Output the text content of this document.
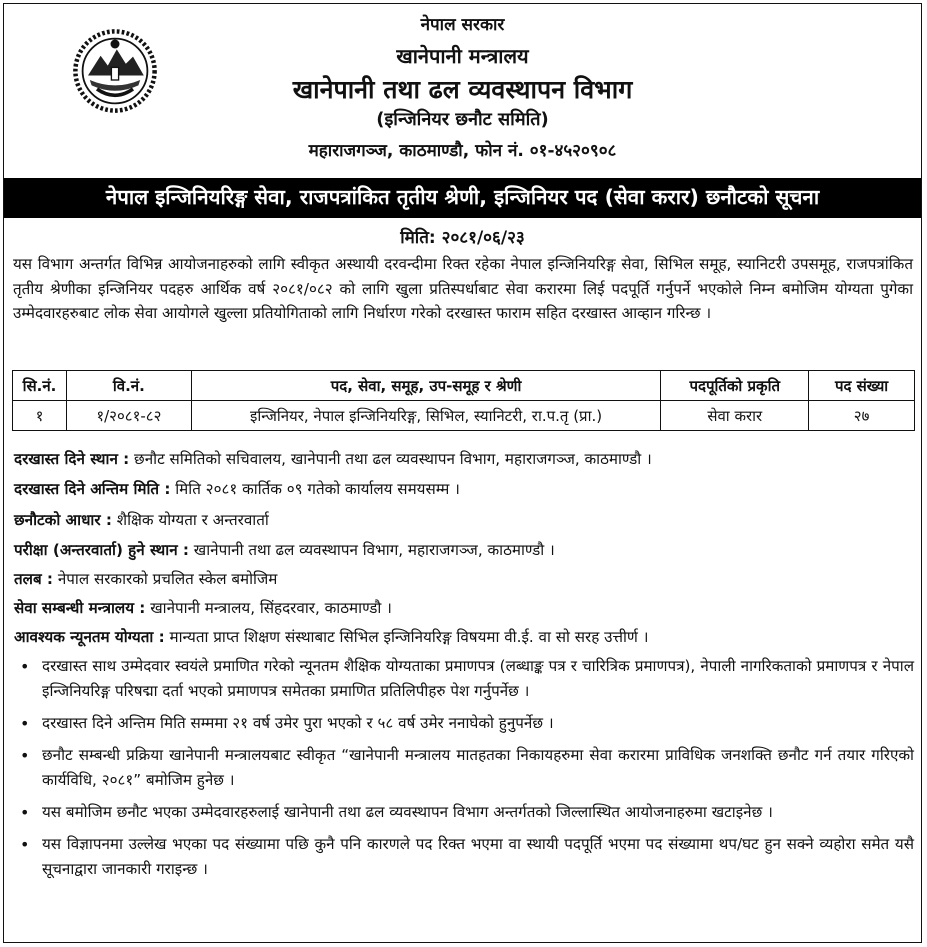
नेपाल सरकार
खानेपानी मन्त्रालय
खानेपानी तथा ढल व्यवस्थापन विभाग
(इन्जिनियर छनौट समिति)
महाराजगञ्ज, काठमाण्डौ, फोन नं. ०१-४५२०९०८
नेपाल इन्जिनियरिङ्ग सेवा, राजपत्रांकित तृतीय श्रेणी, इन्जिनियर पद (सेवा करार) छनौटको सूचना
मिति: २०८१/०६/२३
यस विभाग अन्तर्गत विभिन्न आयोजनाहरुको लागि स्वीकृत अस्थायी दरवन्दीमा रिक्त रहेका नेपाल इन्जिनियरिङ्ग सेवा, सिभिल समूह, स्यानिटरी उपसमूह, राजपत्रांकित तृतीय श्रेणीका इन्जिनियर पदहरु आर्थिक वर्ष २०८१/०८२ को लागि खुला प्रतिस्पर्धाबाट सेवा करारमा लिई पदपूर्ति गर्नुपर्ने भएकोले निम्न बमोजिम योग्यता पुगेका उम्मेदवारहरुबाट लोक सेवा आयोगले खुल्ला प्रतियोगिताको लागि निर्धारण गरेको दरखास्त फाराम सहित दरखास्त आव्हान गरिन्छ ।
सि.नं.	वि.नं.	पद, सेवा, समूह, उप-समूह र श्रेणी	पदपूर्तिको प्रकृति	पद संख्या
१	१/२०८१-८२	इन्जिनियर, नेपाल इन्जिनियरिङ्ग, सिभिल, स्यानिटरी, रा.प.तृ (प्रा.)	सेवा करार	२७
दरखास्त दिने स्थान : छनौट समितिको सचिवालय, खानेपानी तथा ढल व्यवस्थापन विभाग, महाराजगञ्ज, काठमाण्डौ ।
दरखास्त दिने अन्तिम मिति : मिति २०८१ कार्तिक ०९ गतेको कार्यालय समयसम्म ।
छनौटको आधार : शैक्षिक योग्यता र अन्तरवार्ता
परीक्षा (अन्तरवार्ता) हुने स्थान : खानेपानी तथा ढल व्यवस्थापन विभाग, महाराजगञ्ज, काठमाण्डौ ।
तलब : नेपाल सरकारको प्रचलित स्केल बमोजिम
सेवा सम्बन्धी मन्त्रालय : खानेपानी मन्त्रालय, सिंहदरवार, काठमाण्डौ ।
आवश्यक न्यूनतम योग्यता : मान्यता प्राप्त शिक्षण संस्थाबाट सिभिल इन्जिनियरिङ्ग विषयमा वी.ई. वा सो सरह उत्तीर्ण ।
• दरखास्त साथ उम्मेदवार स्वयंले प्रमाणित गरेको न्यूनतम शैक्षिक योग्यताका प्रमाणपत्र (लब्धाङ्क पत्र र चारित्रिक प्रमाणपत्र), नेपाली नागरिकताको प्रमाणपत्र र नेपाल इन्जिनियरिङ्ग परिषद्मा दर्ता भएको प्रमाणपत्र समेतका प्रमाणित प्रतिलिपीहरु पेश गर्नुपर्नेछ ।
• दरखास्त दिने अन्तिम मिति सम्ममा २१ वर्ष उमेर पुरा भएको र ५८ वर्ष उमेर ननाघेको हुनुपर्नेछ ।
• छनौट सम्बन्धी प्रक्रिया खानेपानी मन्त्रालयबाट स्वीकृत “खानेपानी मन्त्रालय मातहतका निकायहरुमा सेवा करारमा प्राविधिक जनशक्ति छनौट गर्न तयार गरिएको कार्यविधि, २०८१” बमोजिम हुनेछ ।
• यस बमोजिम छनौट भएका उम्मेदवारहरुलाई खानेपानी तथा ढल व्यवस्थापन विभाग अन्तर्गतको जिल्लास्थित आयोजनाहरुमा खटाइनेछ ।
• यस विज्ञापनमा उल्लेख भएका पद संख्यामा पछि कुनै पनि कारणले पद रिक्त भएमा वा स्थायी पदपूर्ति भएमा पद संख्यामा थप/घट हुन सक्ने व्यहोरा समेत यसै सूचनाद्वारा जानकारी गराइन्छ ।
